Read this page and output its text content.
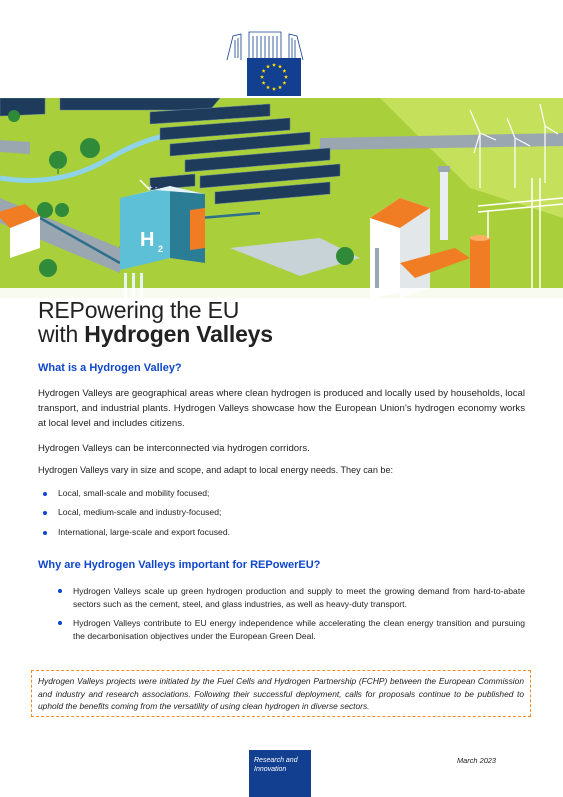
+ -
H 2
REPowering the EU
with Hydrogen Valleys
What is a Hydrogen Valley?
Hydrogen Valleys are geographical areas where clean hydrogen is produced and locally used by households, local transport, and industrial plants. Hydrogen Valleys showcase how the European Union’s hydrogen economy works at local level and includes citizens.
Hydrogen Valleys can be interconnected via hydrogen corridors.
Hydrogen Valleys vary in size and scope, and adapt to local energy needs. They can be:
Local, small-scale and mobility focused;
Local, medium-scale and industry-focused;
International, large-scale and export focused.
Why are Hydrogen Valleys important for REPowerEU?
Hydrogen Valleys scale up green hydrogen production and supply to meet the growing demand from hard-to-abate sectors such as the cement, steel, and glass industries, as well as heavy-duty transport.
Hydrogen Valleys contribute to EU energy independence while accelerating the clean energy transition and pursuing the decarbonisation objectives under the European Green Deal.
Hydrogen Valleys projects were initiated by the Fuel Cells and Hydrogen Partnership (FCHP) between the European Commission and industry and research associations. Following their successful deployment, calls for proposals continue to be published to uphold the benefits coming from the versatility of using clean hydrogen in diverse sectors.
Research and
Innovation
March 2023
